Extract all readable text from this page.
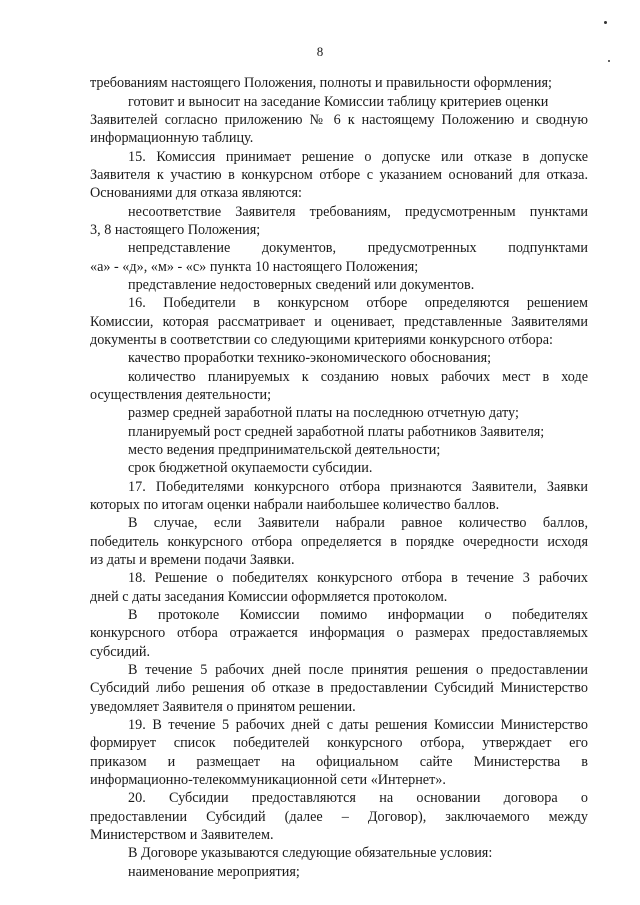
8
требованиям настоящего Положения, полноты и правильности оформления;
готовит и выносит на заседание Комиссии таблицу критериев оценки
Заявителей согласно приложению № 6 к настоящему Положению и сводную
информационную таблицу.
15. Комиссия принимает решение о допуске или отказе в допуске
Заявителя к участию в конкурсном отборе с указанием оснований для отказа.
Основаниями для отказа являются:
несоответствие Заявителя требованиям, предусмотренным пунктами
3, 8 настоящего Положения;
непредставление документов, предусмотренных подпунктами
«а» - «д», «м» - «с» пункта 10 настоящего Положения;
представление недостоверных сведений или документов.
16. Победители в конкурсном отборе определяются решением
Комиссии, которая рассматривает и оценивает, представленные Заявителями
документы в соответствии со следующими критериями конкурсного отбора:
качество проработки технико-экономического обоснования;
количество планируемых к созданию новых рабочих мест в ходе
осуществления деятельности;
размер средней заработной платы на последнюю отчетную дату;
планируемый рост средней заработной платы работников Заявителя;
место ведения предпринимательской деятельности;
срок бюджетной окупаемости субсидии.
17. Победителями конкурсного отбора признаются Заявители, Заявки
которых по итогам оценки набрали наибольшее количество баллов.
В случае, если Заявители набрали равное количество баллов,
победитель конкурсного отбора определяется в порядке очередности исходя
из даты и времени подачи Заявки.
18. Решение о победителях конкурсного отбора в течение 3 рабочих
дней с даты заседания Комиссии оформляется протоколом.
В протоколе Комиссии помимо информации о победителях
конкурсного отбора отражается информация о размерах предоставляемых
субсидий.
В течение 5 рабочих дней после принятия решения о предоставлении
Субсидий либо решения об отказе в предоставлении Субсидий Министерство
уведомляет Заявителя о принятом решении.
19. В течение 5 рабочих дней с даты решения Комиссии Министерство
формирует список победителей конкурсного отбора, утверждает его
приказом и размещает на официальном сайте Министерства в
информационно-телекоммуникационной сети «Интернет».
20. Субсидии предоставляются на основании договора о
предоставлении Субсидий (далее – Договор), заключаемого между
Министерством и Заявителем.
В Договоре указываются следующие обязательные условия:
наименование мероприятия;
